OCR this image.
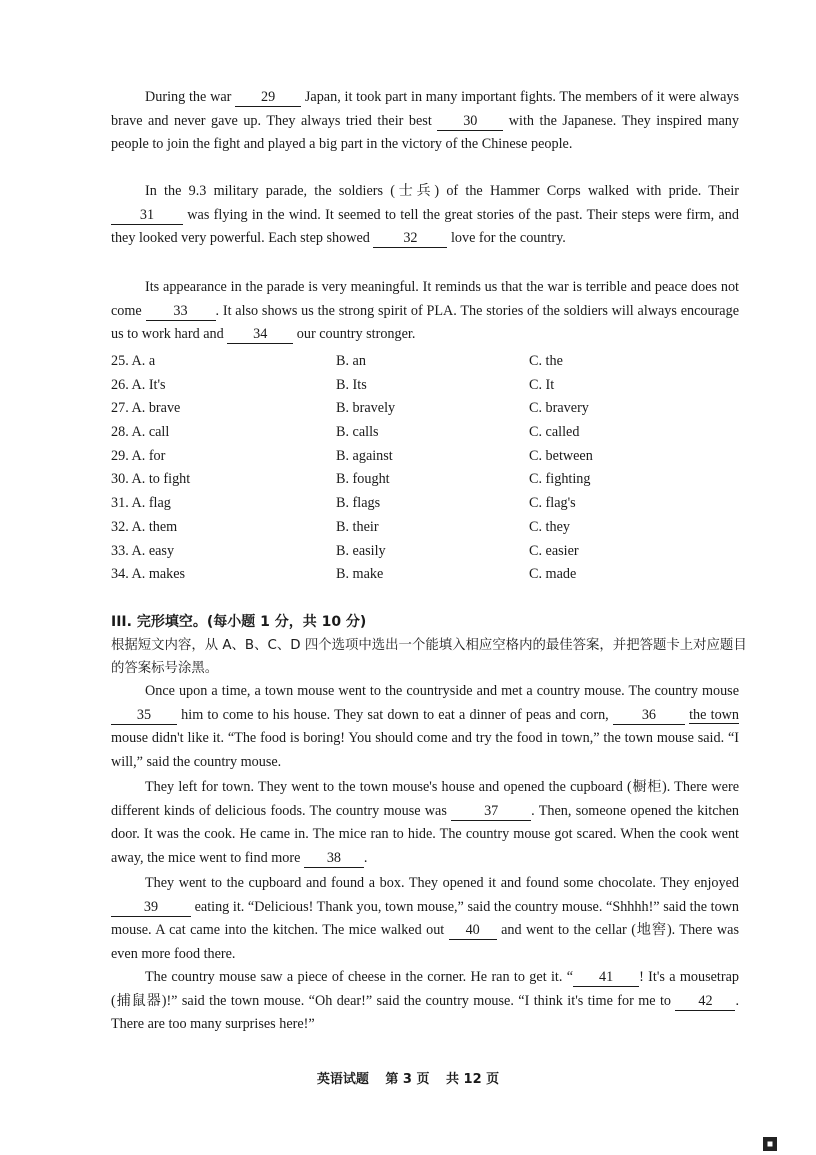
During the war 29 Japan, it took part in many important fights. The members of it were always brave and never gave up. They always tried their best 30 with the Japanese. They inspired many people to join the fight and played a big part in the victory of the Chinese people.

In the 9.3 military parade, the soldiers (士兵) of the Hammer Corps walked with pride. Their 31 was flying in the wind. It seemed to tell the great stories of the past. Their steps were firm, and they looked very powerful. Each step showed 32 love for the country.

Its appearance in the parade is very meaningful. It reminds us that the war is terrible and peace does not come 33 . It also shows us the strong spirit of PLA. The stories of the soldiers will always encourage us to work hard and 34 our country stronger.

25. A. a	B. an	C. the
26. A. It's	B. Its	C. It
27. A. brave	B. bravely	C. bravery
28. A. call	B. calls	C. called
29. A. for	B. against	C. between
30. A. to fight	B. fought	C. fighting
31. A. flag	B. flags	C. flag's
32. A. them	B. their	C. they
33. A. easy	B. easily	C. easier
34. A. makes	B. make	C. made

III. 完形填空。(每小题 1 分，共 10 分)

根据短文内容，从 A、B、C、D 四个选项中选出一个能填入相应空格内的最佳答案，并把答题卡上对应题目的答案标号涂黑。

Once upon a time, a town mouse went to the countryside and met a country mouse. The country mouse 35 him to come to his house. They sat down to eat a dinner of peas and corn, 36 the town mouse didn't like it. “The food is boring! You should come and try the food in town,” the town mouse said. “I will,” said the country mouse.

They left for town. They went to the town mouse's house and opened the cupboard (橱柜). There were different kinds of delicious foods. The country mouse was 37 . Then, someone opened the kitchen door. It was the cook. He came in. The mice ran to hide. The country mouse got scared. When the cook went away, the mice went to find more 38 .

They went to the cupboard and found a box. They opened it and found some chocolate. They enjoyed 39 eating it. “Delicious! Thank you, town mouse,” said the country mouse. “Shhhh!” said the town mouse. A cat came into the kitchen. The mice walked out 40 and went to the cellar (地窖). There was even more food there.

The country mouse saw a piece of cheese in the corner. He ran to get it. “ 41 ! It's a mousetrap (捕鼠器)!” said the town mouse. “Oh dear!” said the country mouse. “I think it's time for me to 42 . There are too many surprises here!”

英语试题 第 3 页 共 12 页
